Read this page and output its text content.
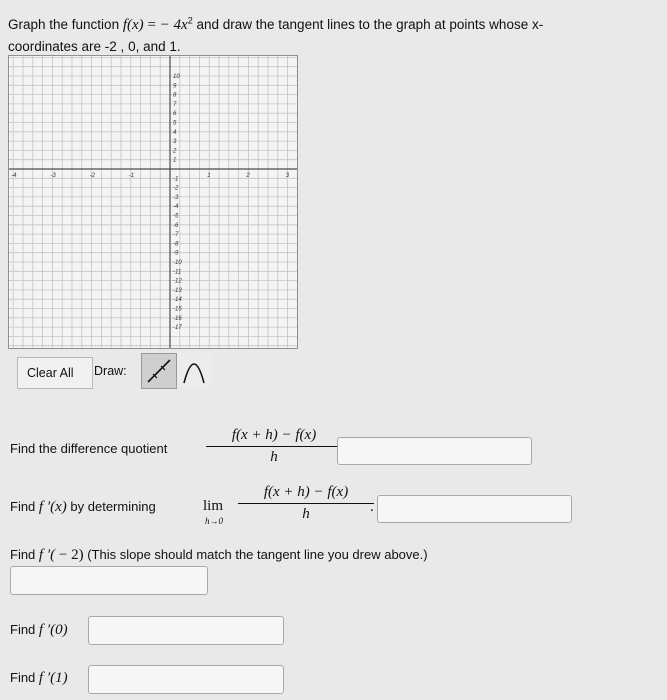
Graph the function f(x) = − $4x^2$ and draw the tangent lines to the graph at points whose x-
coordinates are -2 , 0, and 1.
-4	-3	-2	-1	1	2	3
10
9
8
7
6
5
4
3
2
1
-1
-2
-3
-4
-5
-6
-7
-8
-9
-10
-11
-12
-13
-14
-15
-16
-17
Clear All	Draw:
Find the difference quotient
f(x + h) − f(x)
h
Find f ′(x) by determining	lim
h→0
f(x + h) − f(x)
h	.
Find f ′( − 2) (This slope should match the tangent line you drew above.)
Find f ′(0)
Find f ′(1)
